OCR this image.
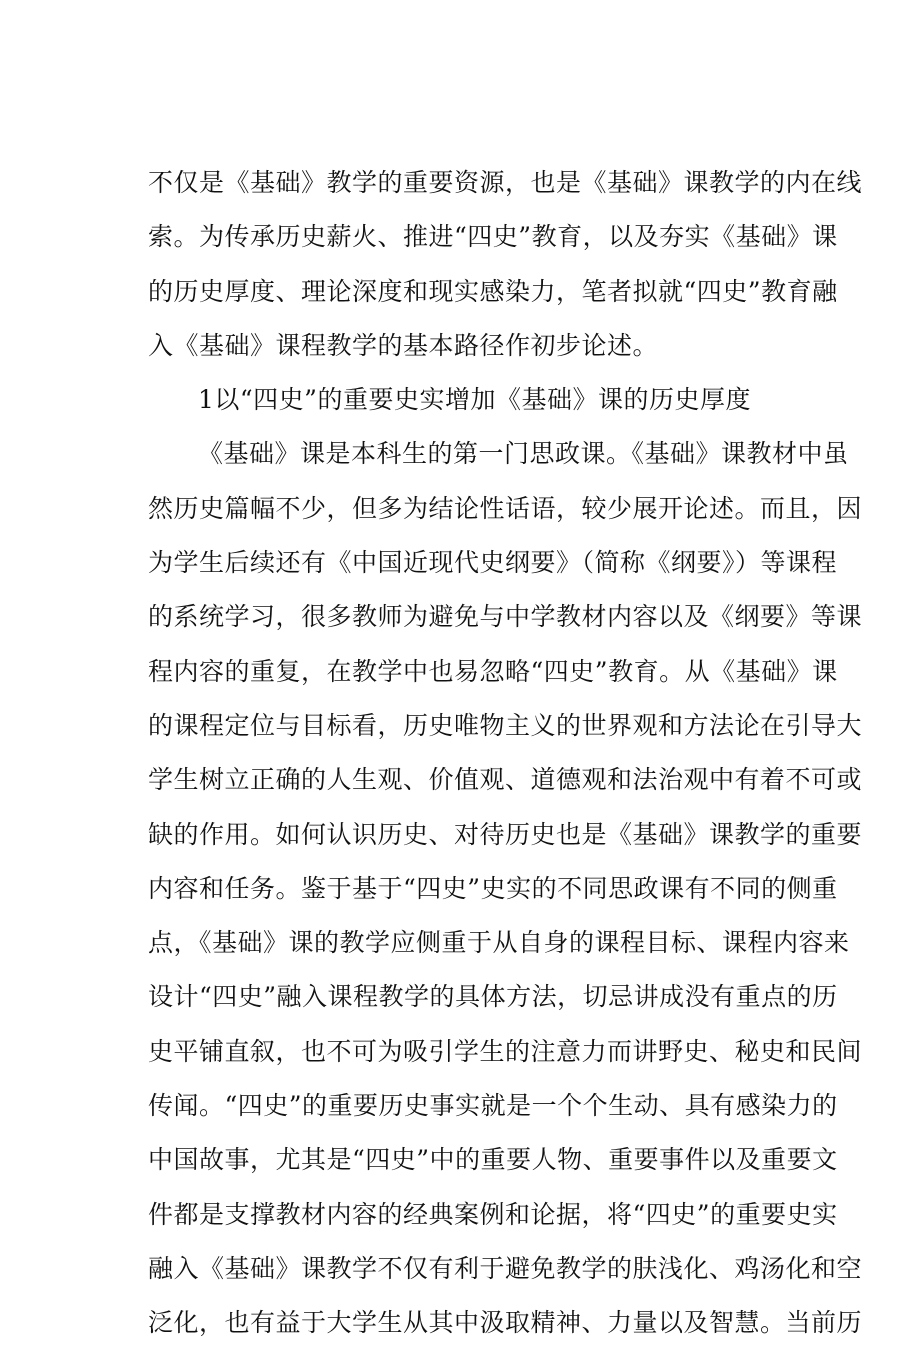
不仅是《基础》教学的重要资源，也是《基础》课教学的内在线
索。为传承历史薪火、推进“四史”教育，以及夯实《基础》课
的历史厚度、理论深度和现实感染力，笔者拟就“四史”教育融
入《基础》课程教学的基本路径作初步论述。
1以“四史”的重要史实增加《基础》课的历史厚度
《基础》课是本科生的第一门思政课。《基础》课教材中虽
然历史篇幅不少，但多为结论性话语，较少展开论述。而且，因
为学生后续还有《中国近现代史纲要》（简称《纲要》）等课程
的系统学习，很多教师为避免与中学教材内容以及《纲要》等课
程内容的重复，在教学中也易忽略“四史”教育。从《基础》课
的课程定位与目标看，历史唯物主义的世界观和方法论在引导大
学生树立正确的人生观、价值观、道德观和法治观中有着不可或
缺的作用。如何认识历史、对待历史也是《基础》课教学的重要
内容和任务。鉴于基于“四史”史实的不同思政课有不同的侧重
点，《基础》课的教学应侧重于从自身的课程目标、课程内容来
设计“四史”融入课程教学的具体方法，切忌讲成没有重点的历
史平铺直叙，也不可为吸引学生的注意力而讲野史、秘史和民间
传闻。“四史”的重要历史事实就是一个个生动、具有感染力的
中国故事，尤其是“四史”中的重要人物、重要事件以及重要文
件都是支撑教材内容的经典案例和论据，将“四史”的重要史实
融入《基础》课教学不仅有利于避免教学的肤浅化、鸡汤化和空
泛化，也有益于大学生从其中汲取精神、力量以及智慧。当前历
